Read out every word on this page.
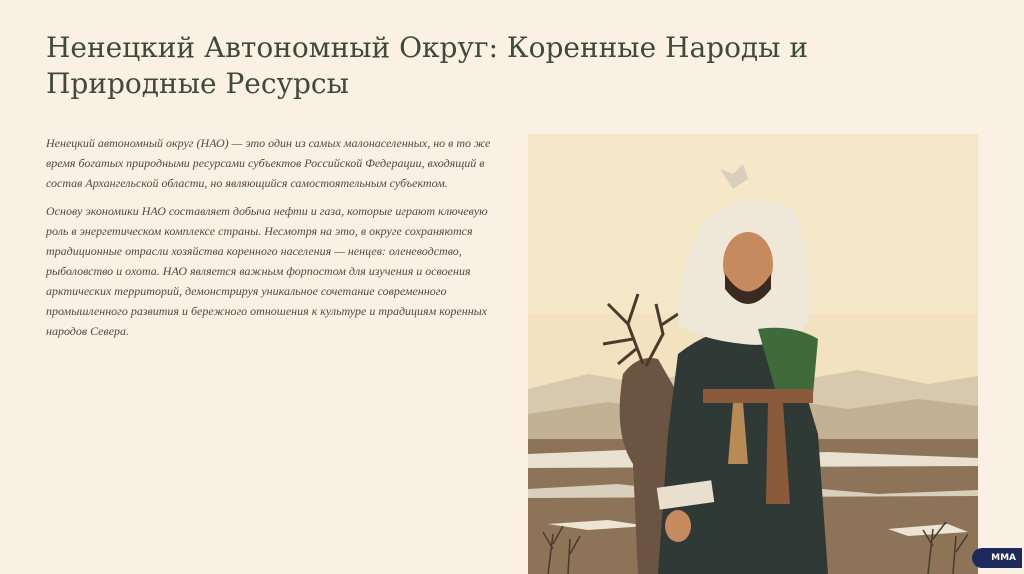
Ненецкий Автономный Округ: Коренные Народы и Природные Ресурсы

Ненецкий автономный округ (НАО) — это один из самых малонаселенных, но в то же время богатых природными ресурсами субъектов Российской Федерации, входящий в состав Архангельской области, но являющийся самостоятельным субъектом.

Основу экономики НАО составляет добыча нефти и газа, которые играют ключевую роль в энергетическом комплексе страны. Несмотря на это, в округе сохраняются традиционные отрасли хозяйства коренного населения — ненцев: оленеводство, рыболовство и охота. НАО является важным форпостом для изучения и освоения арктических территорий, демонстрируя уникальное сочетание современного промышленного развития и бережного отношения к культуре и традициям коренных народов Севера.

MMA
